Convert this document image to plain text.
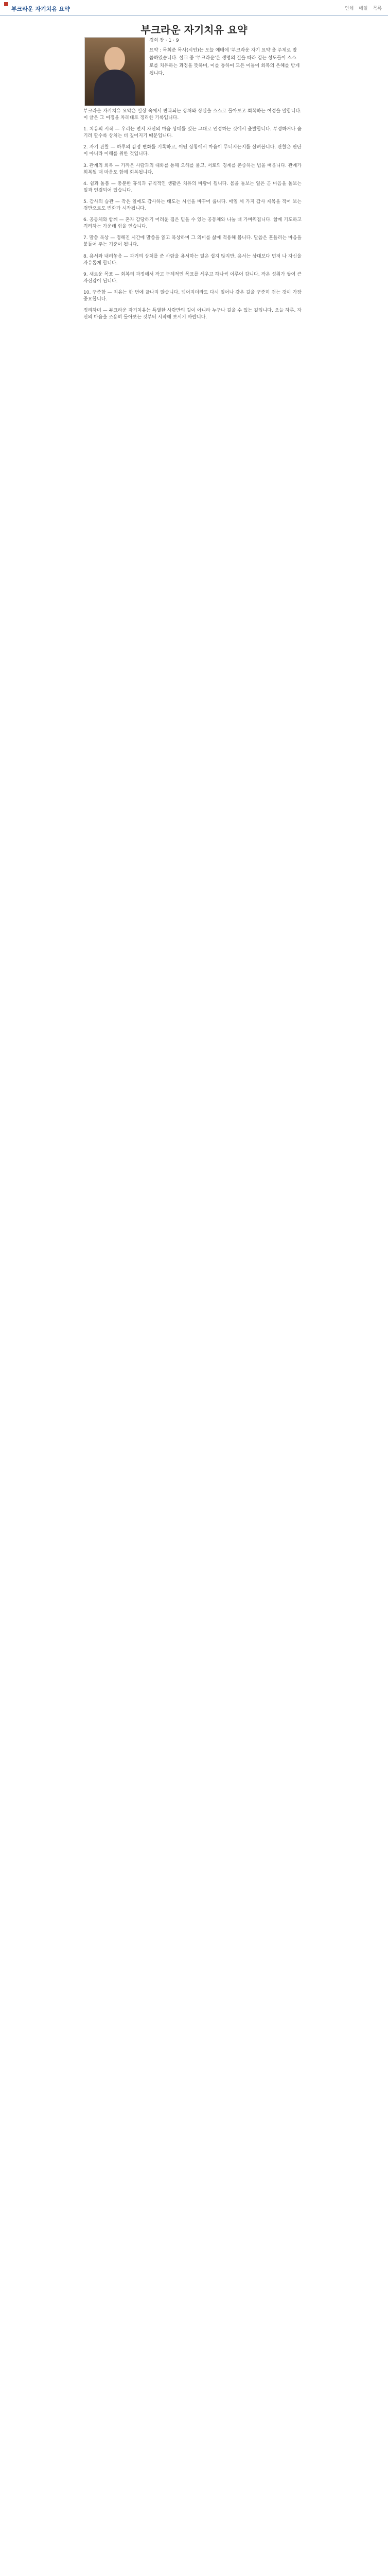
부크라운 자기치유 요약	인쇄 메일 목록
부크라운 자기치유 요약
경희 장 · 1 · 9
요약 : 목회준 목사(시인)는 오늘 예배에 '부크라운 자기 요약'을 주제로 말씀하였습니다. 설교 중 '부크라운'은 생명의 길을 따라 걷는 성도들이 스스로를 치유하는 과정을 뜻하며, 이를 통하여 모든 이들이 회복의 은혜를 받게 됩니다.

부크라운 자기치유 요약은 일상 속에서 반복되는 상처와 상실을 스스로 돌아보고 회복하는 여정을 말합니다. 이 글은 그 여정을 차례대로 정리한 기록입니다.

1. 치유의 시작 — 우리는 먼저 자신의 마음 상태를 있는 그대로 인정하는 것에서 출발합니다. 부정하거나 숨기려 할수록 상처는 더 깊어지기 때문입니다.

2. 자기 관찰 — 하루의 감정 변화를 기록하고, 어떤 상황에서 마음이 무너지는지를 살펴봅니다. 관찰은 판단이 아니라 이해를 위한 것입니다.

3. 관계의 회복 — 가까운 사람과의 대화를 통해 오해를 풀고, 서로의 경계를 존중하는 법을 배웁니다. 관계가 회복될 때 마음도 함께 회복됩니다.

4. 쉼과 돌봄 — 충분한 휴식과 규칙적인 생활은 치유의 바탕이 됩니다. 몸을 돌보는 일은 곧 마음을 돌보는 일과 연결되어 있습니다.

5. 감사의 습관 — 작은 일에도 감사하는 태도는 시선을 바꾸어 줍니다. 매일 세 가지 감사 제목을 적어 보는 것만으로도 변화가 시작됩니다.

6. 공동체와 함께 — 혼자 감당하기 어려운 짐은 믿을 수 있는 공동체와 나눌 때 가벼워집니다. 함께 기도하고 격려하는 가운데 힘을 얻습니다.

7. 말씀 묵상 — 정해진 시간에 말씀을 읽고 묵상하며 그 의미를 삶에 적용해 봅니다. 말씀은 흔들리는 마음을 붙들어 주는 기준이 됩니다.

8. 용서와 내려놓음 — 과거의 상처를 준 사람을 용서하는 일은 쉽지 않지만, 용서는 상대보다 먼저 나 자신을 자유롭게 합니다.

9. 새로운 목표 — 회복의 과정에서 작고 구체적인 목표를 세우고 하나씩 이루어 갑니다. 작은 성취가 쌓여 큰 자신감이 됩니다.

10. 꾸준함 — 치유는 한 번에 끝나지 않습니다. 넘어지더라도 다시 일어나 같은 길을 꾸준히 걷는 것이 가장 중요합니다.

정리하며 — 부크라운 자기치유는 특별한 사람만의 길이 아니라 누구나 걸을 수 있는 길입니다. 오늘 하루, 자신의 마음을 조용히 돌아보는 것부터 시작해 보시기 바랍니다.
